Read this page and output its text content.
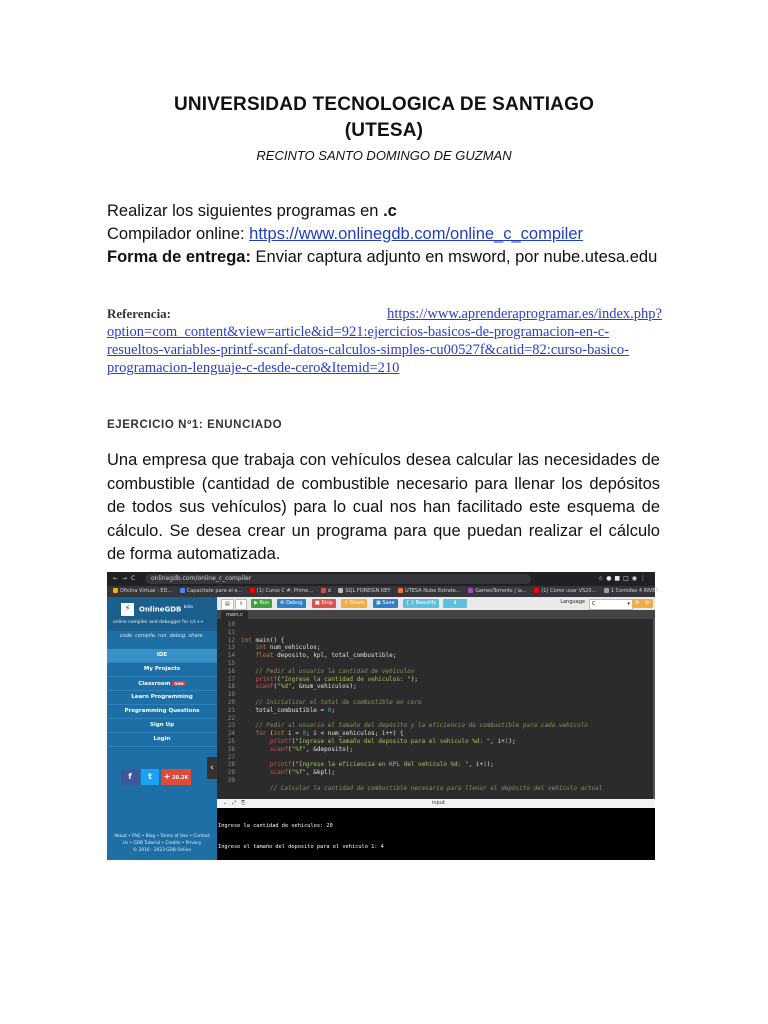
UNIVERSIDAD TECNOLOGICA DE SANTIAGO
(UTESA)
RECINTO SANTO DOMINGO DE GUZMAN
Realizar los siguientes programas en .c
Compilador online: https://www.onlinegdb.com/online_c_compiler
Forma de entrega: Enviar captura adjunto en msword, por nube.utesa.edu
Referencia:	https://www.aprenderaprogramar.es/index.php?
option=com_content&view=article&id=921:ejercicios-basicos-de-programacion-en-c-
resueltos-variables-printf-scanf-datos-calculos-simples-cu00527f&catid=82:curso-basico-
programacion-lenguaje-c-desde-cero&Itemid=210
EJERCICIO Nº1: ENUNCIADO
Una empresa que trabaja con vehículos desea calcular las necesidades de combustible (cantidad de combustible necesario para llenar los depósitos de todos sus vehículos) para lo cual nos han facilitado este esquema de cálculo. Se desea crear un programa para que puedan realizar el cálculo de forma automatizada.
←→C	onlinegdb.com/online_c_compiler	☆●■□◉⋮
Oficina Virtual - ED...	Capacitate para el e...	(1) Curso C #, Prime...	d	SQL FOREIGN KEY	UTESA Nube Estrate...	GamesTorrents | la...	(1) Como usar VS20...	1 Comidas 4 INVER...
⚡	OnlineGDB $^{beta}$
online compiler and debugger for c/c++
code. compile. run. debug. share.
IDE
My Projects
Classroom new
Learn Programming
Programming Questions
Sign Up
Login
f t + 20.2K
About • FAQ • Blog • Terms of Use • Contact
Us • GDB Tutorial • Credits • Privacy
© 2016 - 2023 GDB Online
‹
▤	⇪	▶ Run	⚙ Debug	■ Stop	⇧ Share	▣ Save	{ } Beautify	⬇	Language	C	▾	⚙	⚙
main.c
10
11
12
13
14
15
16
17
18
19
20
21
22
23
24
25
26
27
28
29
30

int main() {
int num_vehiculos;
float deposito, kpl, total_combustible;

// Pedir al usuario la cantidad de vehículos
printf("Ingrese la cantidad de vehiculos: ");
scanf("%d", &num_vehiculos);

// Inicializar el total de combustible en cero
total_combustible = 0;

// Pedir al usuario el tamaño del depósito y la eficiencia de combustible para cada vehículo
for (int i = 0; i < num_vehiculos; i++) {
printf("Ingrese el tamaño del deposito para el vehiculo %d: ", i+1);
scanf("%f", &deposito);

printf("Ingrese la eficiencia en KPL del vehiculo %d: ", i+1);
scanf("%f", &kpl);

// Calcular la cantidad de combustible necesaria para llenar el depósito del vehículo actual

⌄⤢⎘	input

Ingrese la cantidad de vehiculos: 20

Ingrese el tamaño del deposito para el vehiculo 1: 4

Ingrese la eficiencia en KPL del vehiculo 1: 4

Ingrese el tamaño del deposito para el vehiculo 2: 45

Ingrese la eficiencia en KPL del vehiculo 2: 5

Ingrese el tamaño del deposito para el vehiculo 3: 4
